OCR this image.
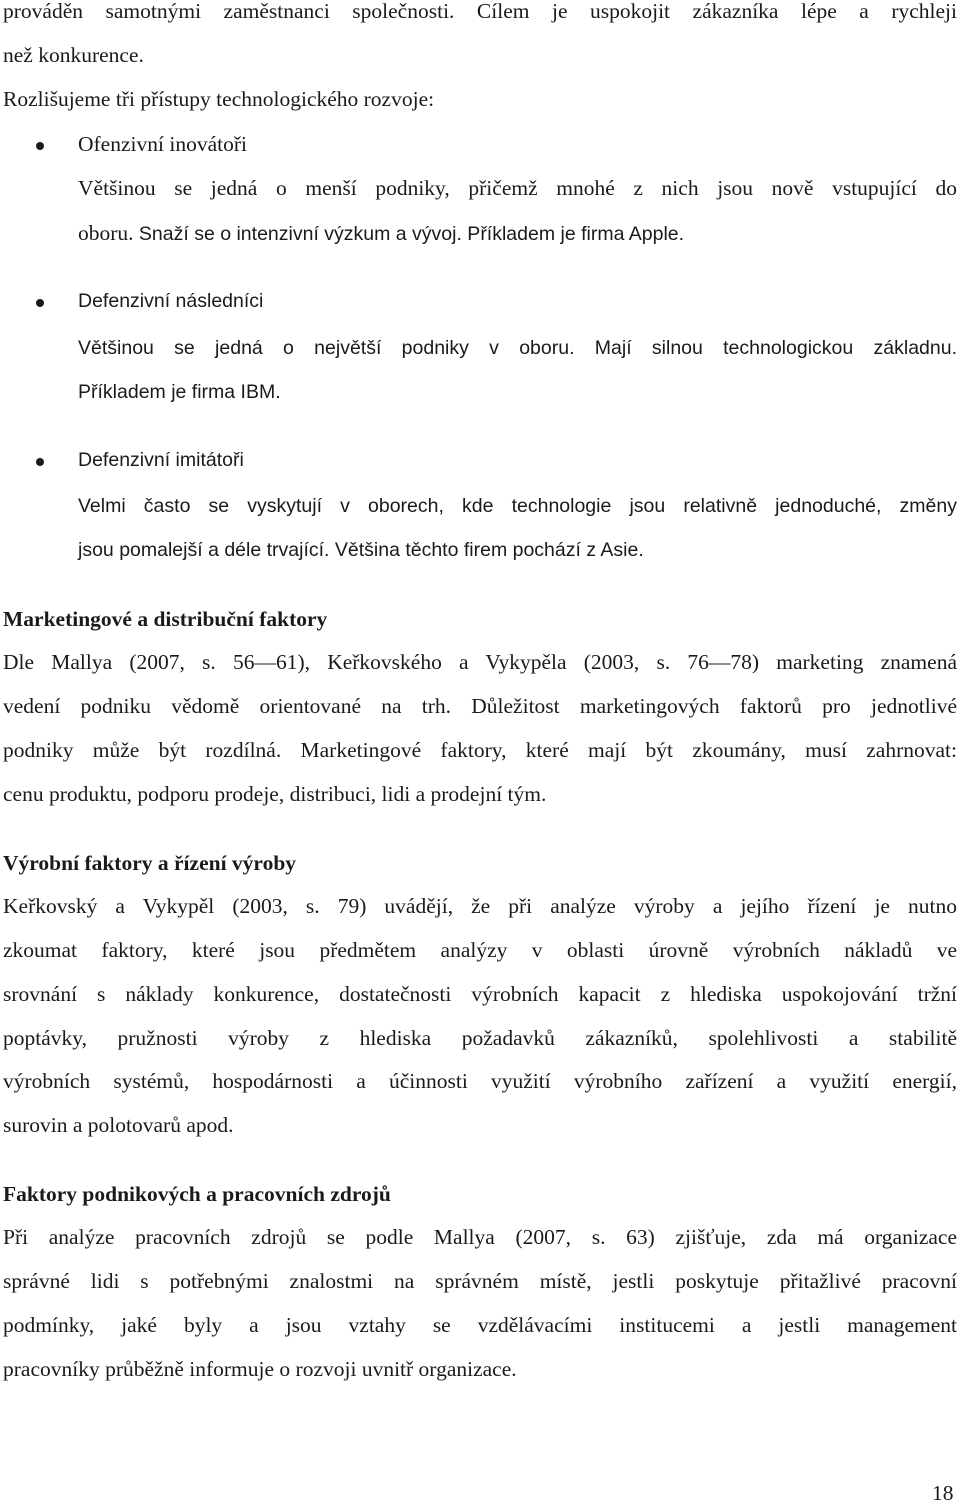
prováděn samotnými zaměstnanci společnosti. Cílem je uspokojit zákazníka lépe a rychleji
než konkurence.
Rozlišujeme tři přístupy technologického rozvoje:
Ofenzivní inovátoři
Většinou se jedná o menší podniky, přičemž mnohé z nich jsou nově vstupující do
oboru. Snaží se o intenzivní výzkum a vývoj. Příkladem je firma Apple.
Defenzivní následníci
Většinou se jedná o největší podniky v oboru. Mají silnou technologickou základnu.
Příkladem je firma IBM.
Defenzivní imitátoři
Velmi často se vyskytují v oborech, kde technologie jsou relativně jednoduché, změny
jsou pomalejší a déle trvající. Většina těchto firem pochází z Asie.
Marketingové a distribuční faktory
Dle Mallya (2007, s. 56—61), Keřkovského a Vykypěla (2003, s. 76—78) marketing znamená
vedení podniku vědomě orientované na trh. Důležitost marketingových faktorů pro jednotlivé
podniky může být rozdílná. Marketingové faktory, které mají být zkoumány, musí zahrnovat:
cenu produktu, podporu prodeje, distribuci, lidi a prodejní tým.
Výrobní faktory a řízení výroby
Keřkovský a Vykypěl (2003, s. 79) uvádějí, že při analýze výroby a jejího řízení je nutno
zkoumat faktory, které jsou předmětem analýzy v oblasti úrovně výrobních nákladů ve
srovnání s náklady konkurence, dostatečnosti výrobních kapacit z hlediska uspokojování tržní
poptávky, pružnosti výroby z hlediska požadavků zákazníků, spolehlivosti a stabilitě
výrobních systémů, hospodárnosti a účinnosti využití výrobního zařízení a využití energií,
surovin a polotovarů apod.
Faktory podnikových a pracovních zdrojů
Při analýze pracovních zdrojů se podle Mallya (2007, s. 63) zjišťuje, zda má organizace
správné lidi s potřebnými znalostmi na správném místě, jestli poskytuje přitažlivé pracovní
podmínky, jaké byly a jsou vztahy se vzdělávacími institucemi a jestli management
pracovníky průběžně informuje o rozvoji uvnitř organizace.
18
